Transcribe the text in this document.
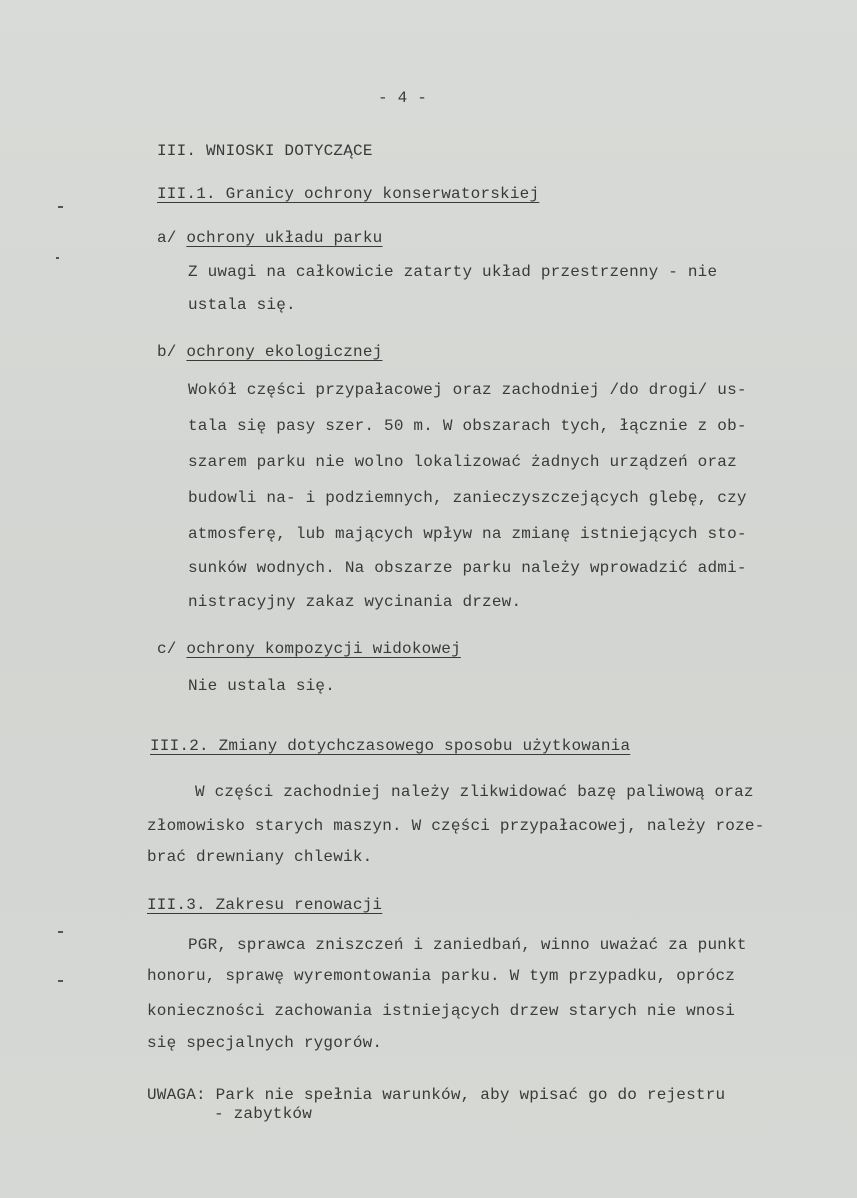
- 4 -
III. WNIOSKI DOTYCZĄCE
III.1. Granicy ochrony konserwatorskiej
a/ ochrony układu parku
Z uwagi na całkowicie zatarty układ przestrzenny - nie
ustala się.
b/ ochrony ekologicznej
Wokół części przypałacowej oraz zachodniej /do drogi/ us-
tala się pasy szer. 50 m. W obszarach tych, łącznie z ob-
szarem parku nie wolno lokalizować żadnych urządzeń oraz
budowli na- i podziemnych, zanieczyszczejących glebę, czy
atmosferę, lub mających wpływ na zmianę istniejących sto-
sunków wodnych. Na obszarze parku należy wprowadzić admi-
nistracyjny zakaz wycinania drzew.
c/ ochrony kompozycji widokowej
Nie ustala się.
III.2. Zmiany dotychczasowego sposobu użytkowania
W części zachodniej należy zlikwidować bazę paliwową oraz
złomowisko starych maszyn. W części przypałacowej, należy roze-
brać drewniany chlewik.
III.3. Zakresu renowacji
PGR, sprawca zniszczeń i zaniedbań, winno uważać za punkt
honoru, sprawę wyremontowania parku. W tym przypadku, oprócz
konieczności zachowania istniejących drzew starych nie wnosi
się specjalnych rygorów.
UWAGA: Park nie spełnia warunków, aby wpisać go do rejestru
- zabytków
